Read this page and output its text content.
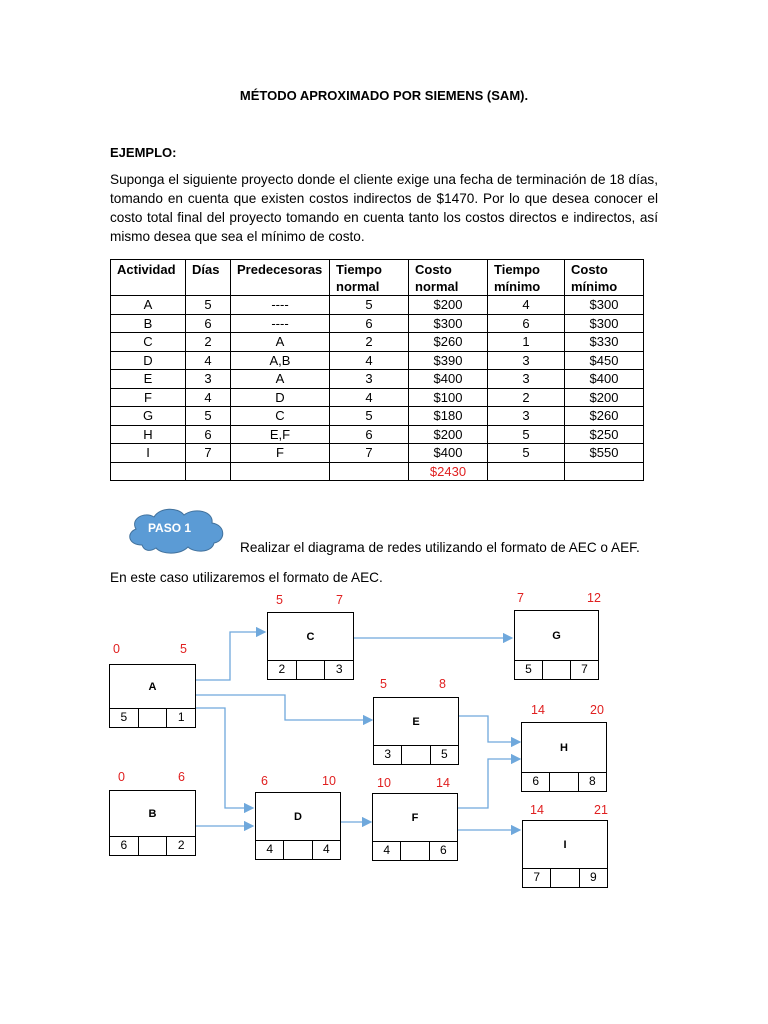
MÉTODO APROXIMADO POR SIEMENS (SAM).
EJEMPLO:
Suponga el siguiente proyecto donde el cliente exige una fecha de terminación de 18 días, tomando en cuenta que existen costos indirectos de $1470. Por lo que desea conocer el costo total final del proyecto tomando en cuenta tanto los costos directos e indirectos, así mismo desea que sea el mínimo de costo.
Actividad	Días	Predecesoras	Tiempo normal	Costo normal	Tiempo mínimo	Costo mínimo
A	5	----	5	$200	4	$300
B	6	----	6	$300	6	$300
C	2	A	2	$260	1	$330
D	4	A,B	4	$390	3	$450
E	3	A	3	$400	3	$400
F	4	D	4	$100	2	$200
G	5	C	5	$180	3	$260
H	6	E,F	6	$200	5	$250
I	7	F	7	$400	5	$550
				$2430		
PASO 1
Realizar el diagrama de redes utilizando el formato de AEC o AEF.
En este caso utilizaremos el formato de AEC.
A
5	1
0	5
B
6	2
0	6
C
2	3
5	7
D
4	4
6	10
E
3	5
5	8
F
4	6
10	14
G
5	7
7	12
H
6	8
14	20
I
7	9
14	21
